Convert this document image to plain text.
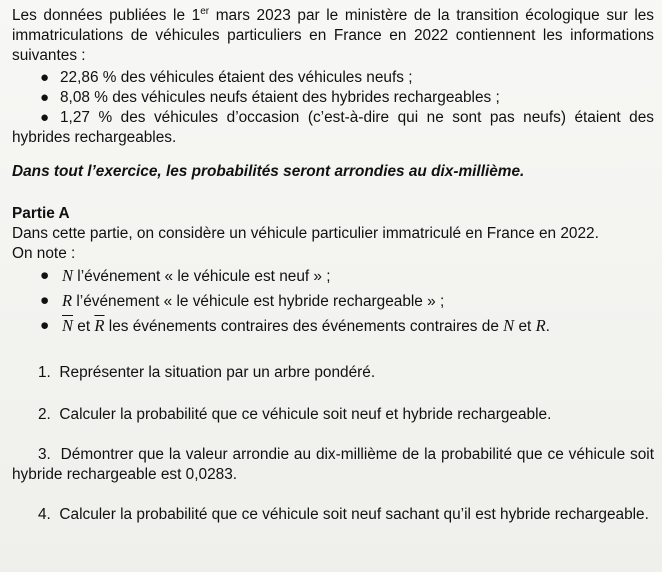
Les données publiées le 1er mars 2023 par le ministère de la transition écologique sur les immatriculations de véhicules particuliers en France en 2022 contiennent les informations suivantes :

● 22,86 % des véhicules étaient des véhicules neufs ;
● 8,08 % des véhicules neufs étaient des hybrides rechargeables ;
● 1,27 % des véhicules d’occasion (c’est-à-dire qui ne sont pas neufs) étaient des
hybrides rechargeables.

Dans tout l’exercice, les probabilités seront arrondies au dix-millième.

Partie A

Dans cette partie, on considère un véhicule particulier immatriculé en France en 2022.

On note :

● N l’événement « le véhicule est neuf » ;
● R l’événement « le véhicule est hybride rechargeable » ;
● $\overline{N}$ et $\overline{R}$ les événements contraires des événements contraires de N et R.

1. Représenter la situation par un arbre pondéré.

2. Calculer la probabilité que ce véhicule soit neuf et hybride rechargeable.

3. Démontrer que la valeur arrondie au dix-millième de la probabilité que ce véhicule soit hybride rechargeable est 0,0283.

4. Calculer la probabilité que ce véhicule soit neuf sachant qu’il est hybride rechargeable.
